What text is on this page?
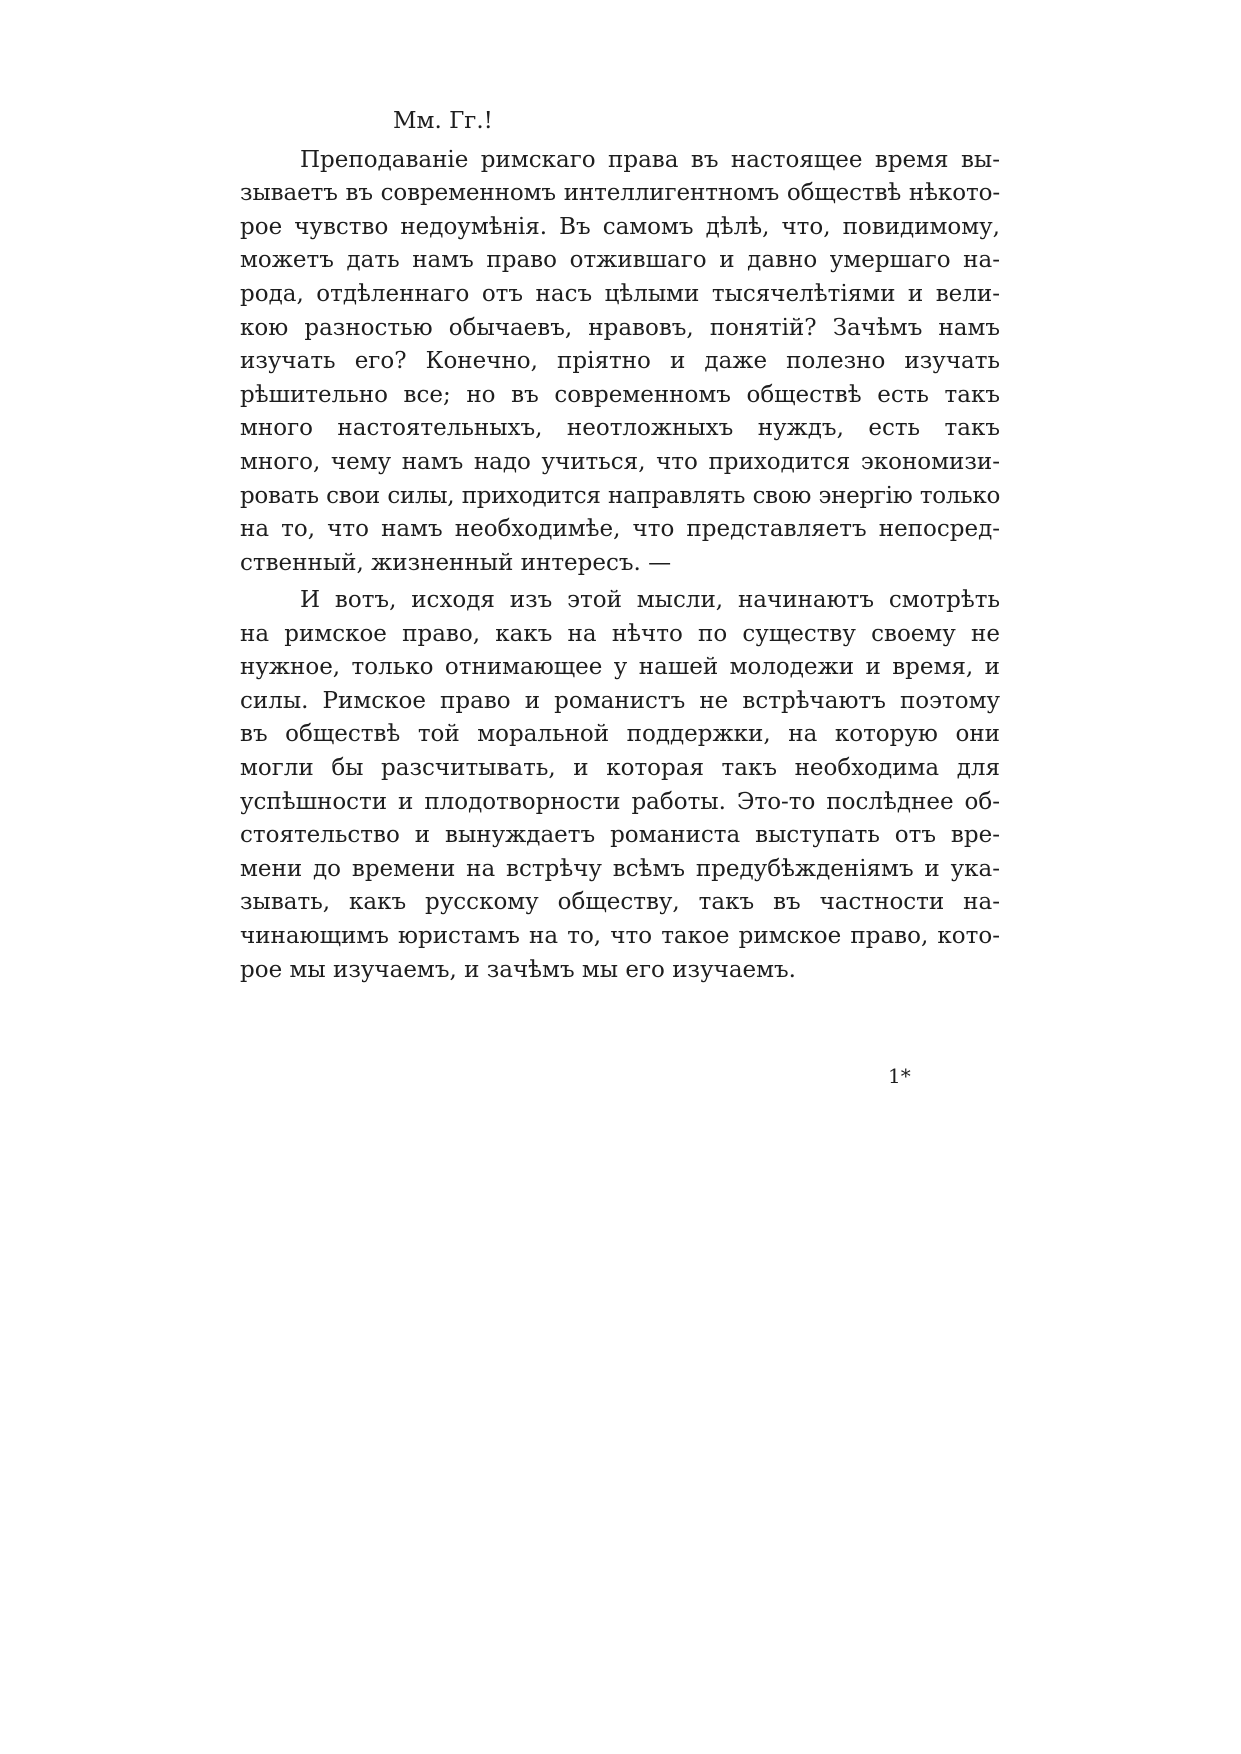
Мм. Гг.!
Преподаванiе римскаго права въ настоящее время вы-
зываетъ въ современномъ интеллигентномъ обществѣ нѣкото-
рое чувство недоумѣнiя. Въ самомъ дѣлѣ, что, повидимому,
можетъ дать намъ право отжившаго и давно умершаго на-
рода, отдѣленнаго отъ насъ цѣлыми тысячелѣтiями и вели-
кою разностью обычаевъ, нравовъ, понятiй? Зачѣмъ намъ
изучать его? Конечно, прiятно и даже полезно изучать
рѣшительно все; но въ современномъ обществѣ есть такъ
много настоятельныхъ, неотложныхъ нуждъ, есть такъ
много, чему намъ надо учиться, что приходится экономизи-
ровать свои силы, приходится направлять свою энергiю только
на то, что намъ необходимѣе, что представляетъ непосред-
ственный, жизненный интересъ. —
И вотъ, исходя изъ этой мысли, начинаютъ смотрѣть
на римское право, какъ на нѣчто по существу своему не
нужное, только отнимающее у нашей молодежи и время, и
силы. Римское право и романистъ не встрѣчаютъ поэтому
въ обществѣ той моральной поддержки, на которую они
могли бы разсчитывать, и которая такъ необходима для
успѣшности и плодотворности работы. Это-то послѣднее об-
стоятельство и вынуждаетъ романиста выступать отъ вре-
мени до времени на встрѣчу всѣмъ предубѣжденiямъ и ука-
зывать, какъ русскому обществу, такъ въ частности на-
чинающимъ юристамъ на то, что такое римское право, кото-
рое мы изучаемъ, и зачѣмъ мы его изучаемъ.
1*
